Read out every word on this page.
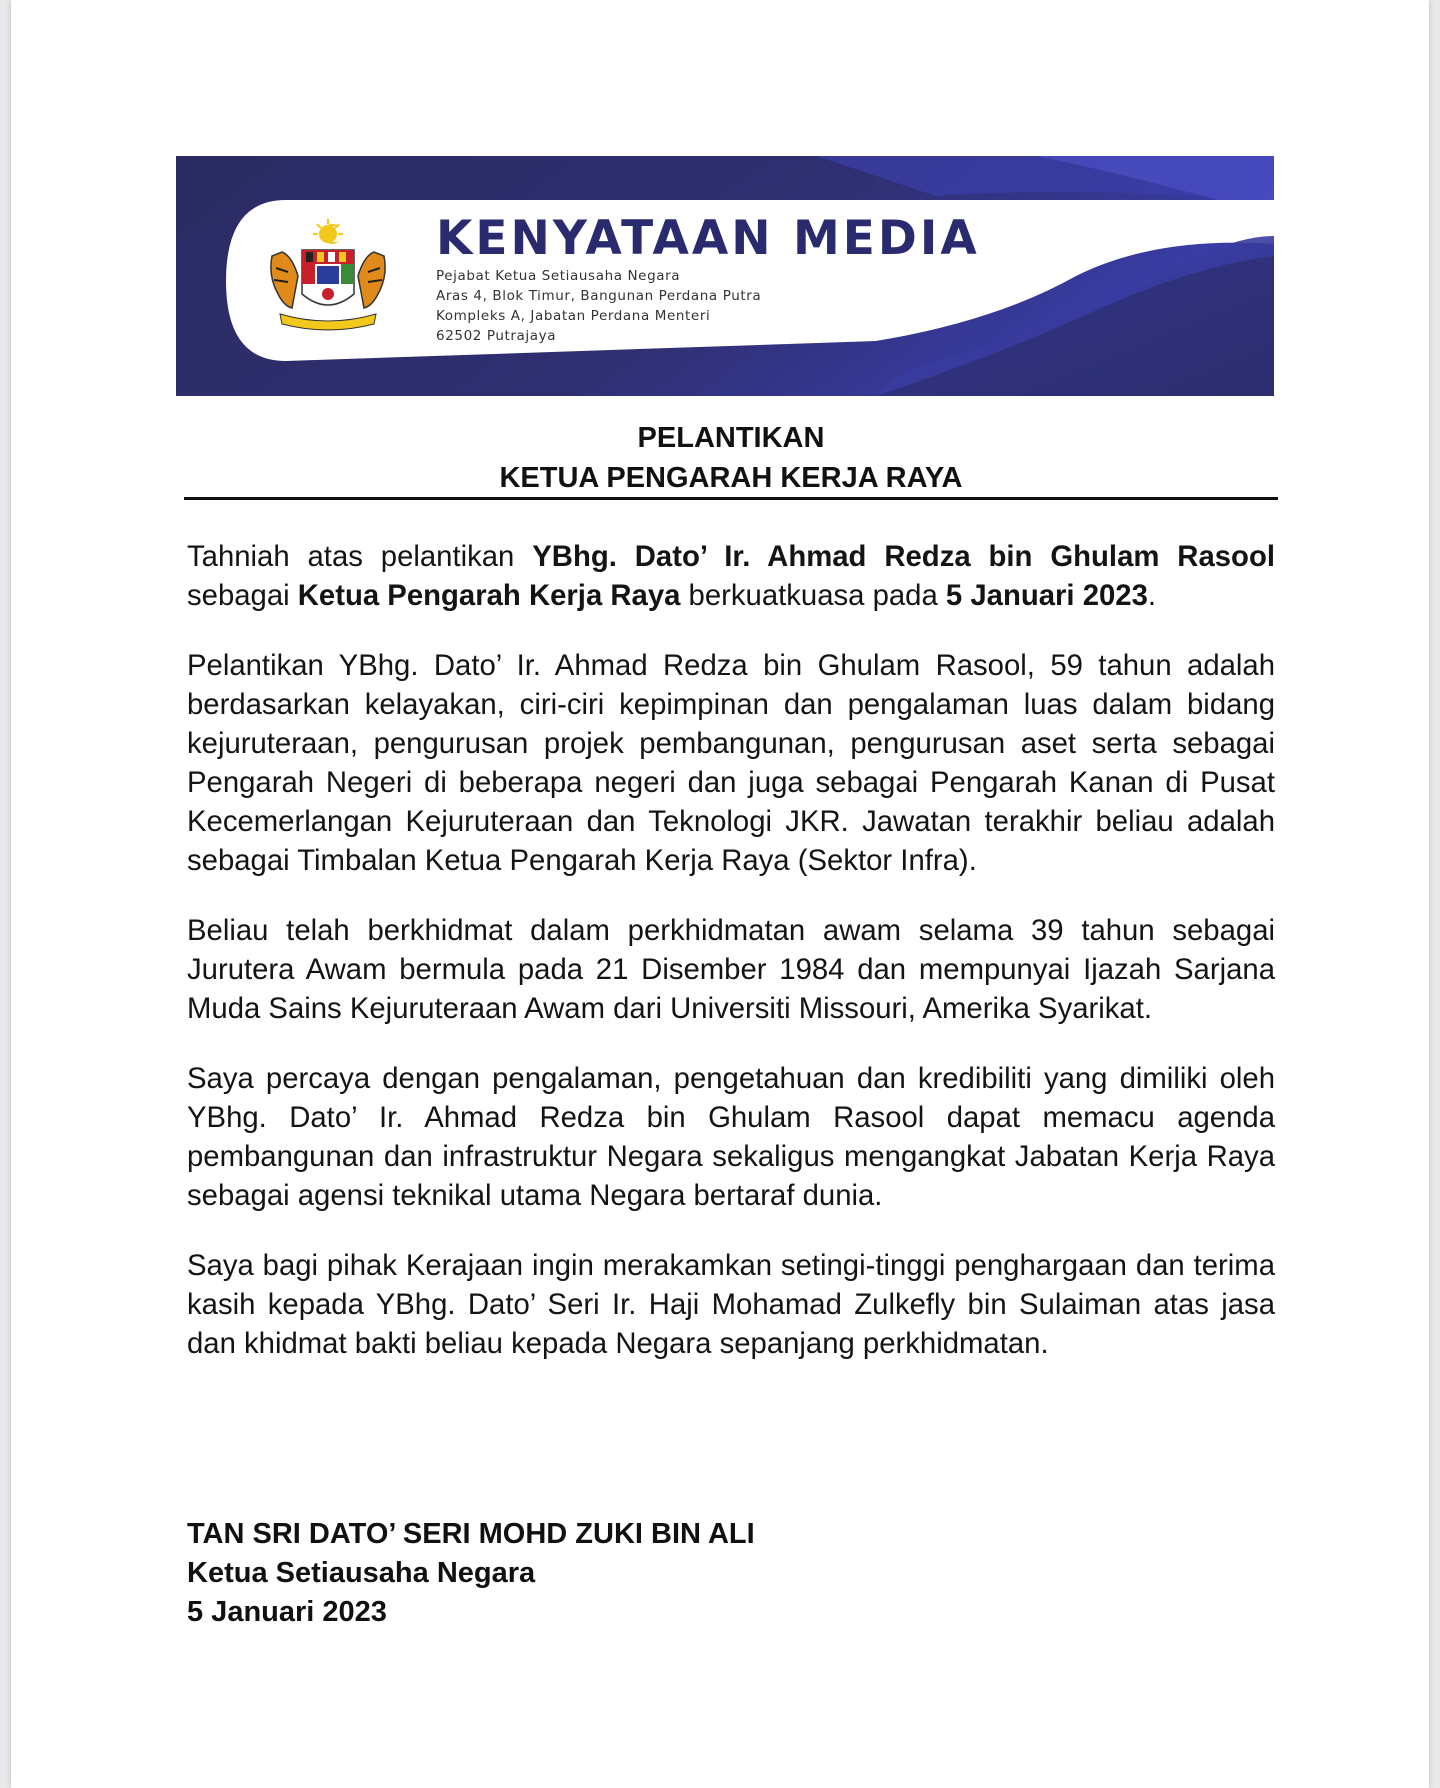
KENYATAAN MEDIA
Pejabat Ketua Setiausaha Negara
Aras 4, Blok Timur, Bangunan Perdana Putra
Kompleks A, Jabatan Perdana Menteri
62502 Putrajaya
PELANTIKAN
KETUA PENGARAH KERJA RAYA

Tahniah atas pelantikan YBhg. Dato’ Ir. Ahmad Redza bin Ghulam Rasool sebagai Ketua Pengarah Kerja Raya berkuatkuasa pada 5 Januari 2023.

Pelantikan YBhg. Dato’ Ir. Ahmad Redza bin Ghulam Rasool, 59 tahun adalah berdasarkan kelayakan, ciri-ciri kepimpinan dan pengalaman luas dalam bidang kejuruteraan, pengurusan projek pembangunan, pengurusan aset serta sebagai Pengarah Negeri di beberapa negeri dan juga sebagai Pengarah Kanan di Pusat Kecemerlangan Kejuruteraan dan Teknologi JKR. Jawatan terakhir beliau adalah sebagai Timbalan Ketua Pengarah Kerja Raya (Sektor Infra).

Beliau telah berkhidmat dalam perkhidmatan awam selama 39 tahun sebagai Jurutera Awam bermula pada 21 Disember 1984 dan mempunyai Ijazah Sarjana Muda Sains Kejuruteraan Awam dari Universiti Missouri, Amerika Syarikat.

Saya percaya dengan pengalaman, pengetahuan dan kredibiliti yang dimiliki oleh YBhg. Dato’ Ir. Ahmad Redza bin Ghulam Rasool dapat memacu agenda pembangunan dan infrastruktur Negara sekaligus mengangkat Jabatan Kerja Raya sebagai agensi teknikal utama Negara bertaraf dunia.

Saya bagi pihak Kerajaan ingin merakamkan setingi-tinggi penghargaan dan terima kasih kepada YBhg. Dato’ Seri Ir. Haji Mohamad Zulkefly bin Sulaiman atas jasa dan khidmat bakti beliau kepada Negara sepanjang perkhidmatan.

TAN SRI DATO’ SERI MOHD ZUKI BIN ALI
Ketua Setiausaha Negara
5 Januari 2023
